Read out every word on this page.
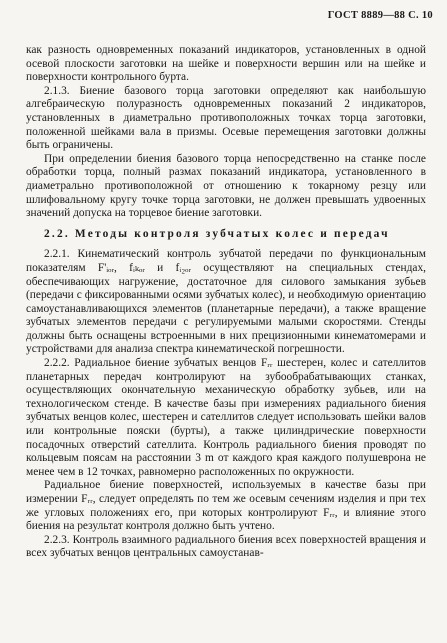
ГОСТ 8889—88 С. 10

как разность одновременных показаний индикаторов, установленных в одной осевой плоскости заготовки на шейке и поверхности вершин или на шейке и поверхности контрольного бурта.

2.1.3. Биение базового торца заготовки определяют как наибольшую алгебраическую полуразность одновременных показаний 2 индикаторов, установленных в диаметрально противоположных точках торца заготовки, положенной шейками вала в призмы. Осевые перемещения заготовки должны быть ограничены.

При определении биения базового торца непосредственно на станке после обработки торца, полный размах показаний индикатора, установленного в диаметрально противоположной от отношению к токарному резцу или шлифовальному кругу точке торца заготовки, не должен превышать удвоенных значений допуска на торцевое биение заготовки.

2.2. Методы контроля зубчатых колес и передач

2.2.1. Кинематический контроль зубчатой передачи по функциональным показателям F'ᵢₒᵣ, fᵢₖₒᵣ и fᵢ₂ₒᵣ осуществляют на специальных стендах, обеспечивающих нагружение, достаточное для силового замыкания зубьев (передачи с фиксированными осями зубчатых колес), и необходимую ориентацию самоустанавливающихся элементов (планетарные передачи), а также вращение зубчатых элементов передачи с регулируемыми малыми скоростями. Стенды должны быть оснащены встроенными в них прецизионными кинематомерами и устройствами для анализа спектра кинематической погрешности.

2.2.2. Радиальное биение зубчатых венцов Fᵣᵣ шестерен, колес и сателлитов планетарных передач контролируют на зубообрабатывающих станках, осуществляющих окончательную механическую обработку зубьев, или на технологическом стенде. В качестве базы при измерениях радиального биения зубчатых венцов колес, шестерен и сателлитов следует использовать шейки валов или контрольные пояски (бурты), а также цилиндрические поверхности посадочных отверстий сателлита. Контроль радиального биения проводят по кольцевым поясам на расстоянии 3 m от каждого края каждого полушеврона не менее чем в 12 точках, равномерно расположенных по окружности.

Радиальное биение поверхностей, используемых в качестве базы при измерении Fᵣᵣ, следует определять по тем же осевым сечениям изделия и при тех же угловых положениях его, при которых контролируют Fᵣᵣ, и влияние этого биения на результат контроля должно быть учтено.

2.2.3. Контроль взаимного радиального биения всех поверхностей вращения и всех зубчатых венцов центральных самоустанав-
